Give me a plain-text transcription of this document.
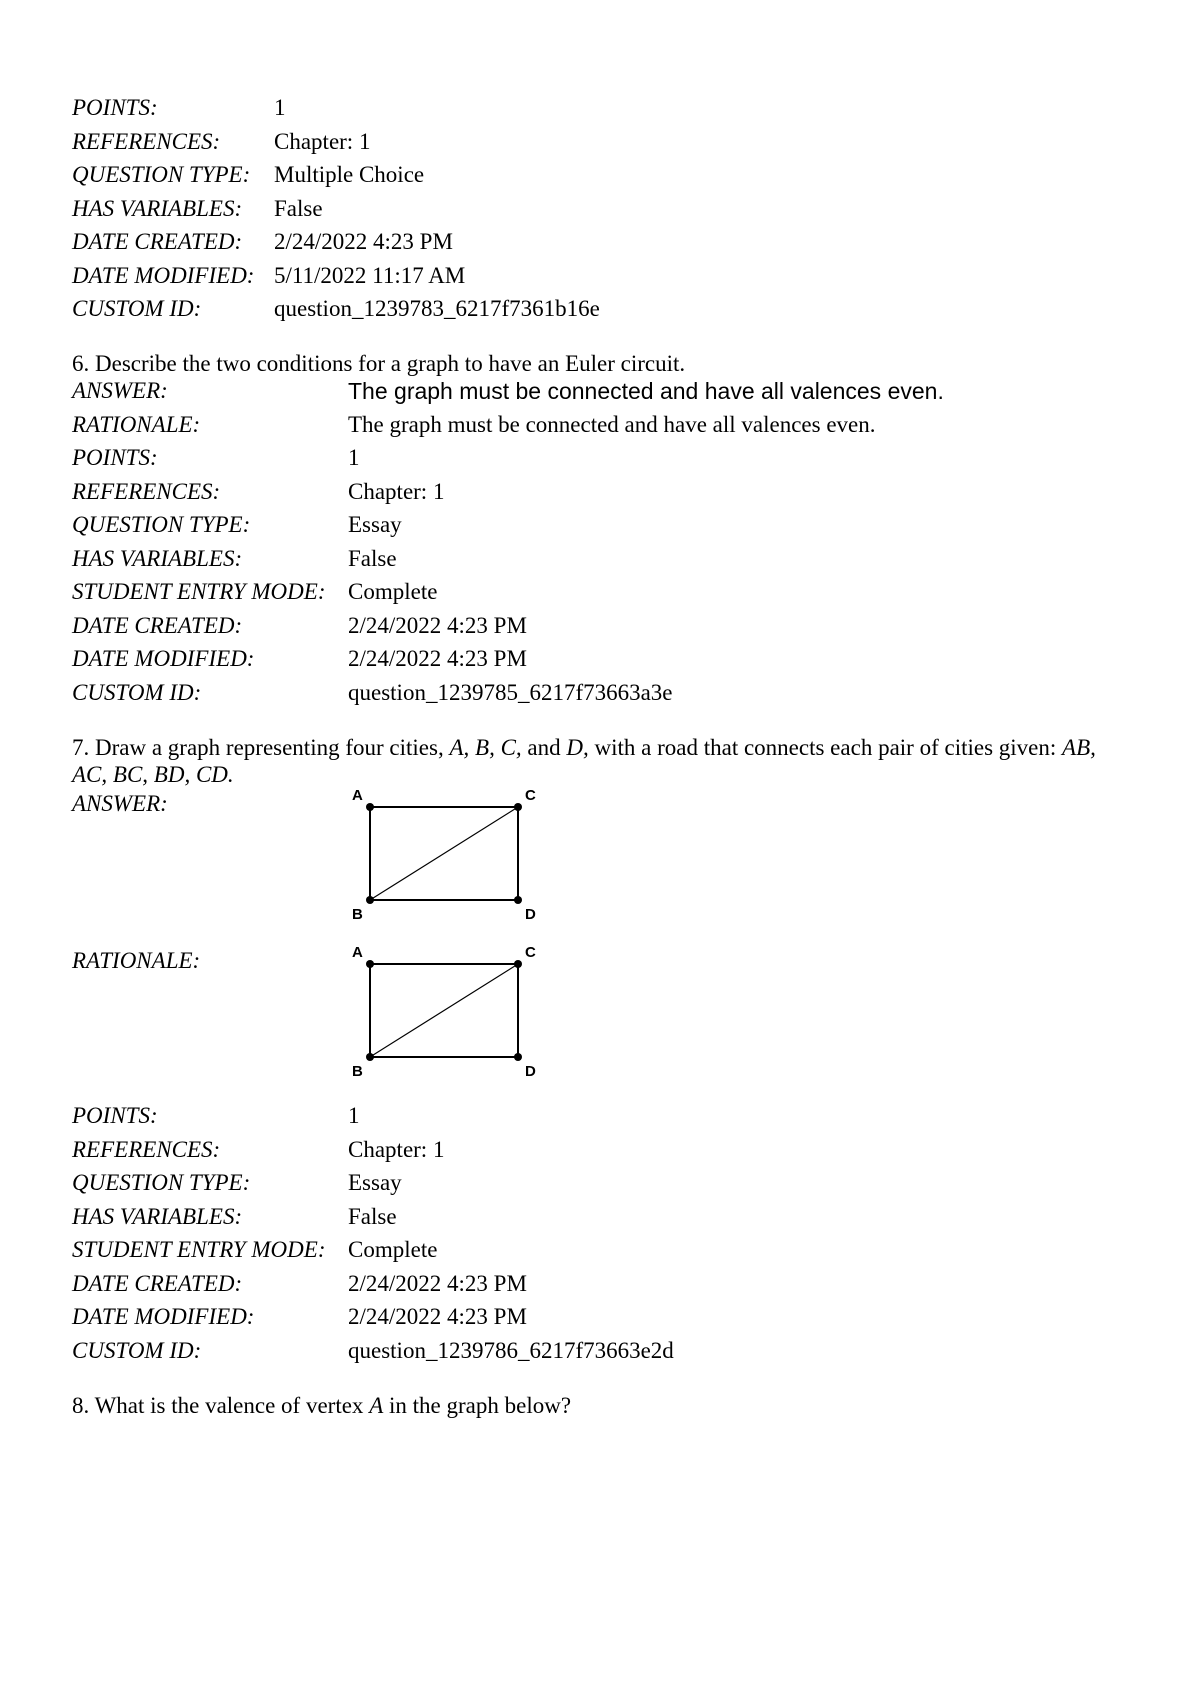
POINTS:	1
REFERENCES:	Chapter: 1
QUESTION TYPE:	Multiple Choice
HAS VARIABLES:	False
DATE CREATED:	2/24/2022 4:23 PM
DATE MODIFIED:	5/11/2022 11:17 AM
CUSTOM ID:	question_1239783_6217f7361b16e

6. Describe the two conditions for a graph to have an Euler circuit.

ANSWER:	The graph must be connected and have all valences even.
RATIONALE:	The graph must be connected and have all valences even.
POINTS:	1
REFERENCES:	Chapter: 1
QUESTION TYPE:	Essay
HAS VARIABLES:	False
STUDENT ENTRY MODE:	Complete
DATE CREATED:	2/24/2022 4:23 PM
DATE MODIFIED:	2/24/2022 4:23 PM
CUSTOM ID:	question_1239785_6217f73663a3e

7. Draw a graph representing four cities, A, B, C, and D, with a road that connects each pair of cities given: AB,
AC, BC, BD, CD.

ANSWER:	A C
B D

RATIONALE:	A C
B D

POINTS:	1
REFERENCES:	Chapter: 1
QUESTION TYPE:	Essay
HAS VARIABLES:	False
STUDENT ENTRY MODE:	Complete
DATE CREATED:	2/24/2022 4:23 PM
DATE MODIFIED:	2/24/2022 4:23 PM
CUSTOM ID:	question_1239786_6217f73663e2d

8. What is the valence of vertex A in the graph below?
